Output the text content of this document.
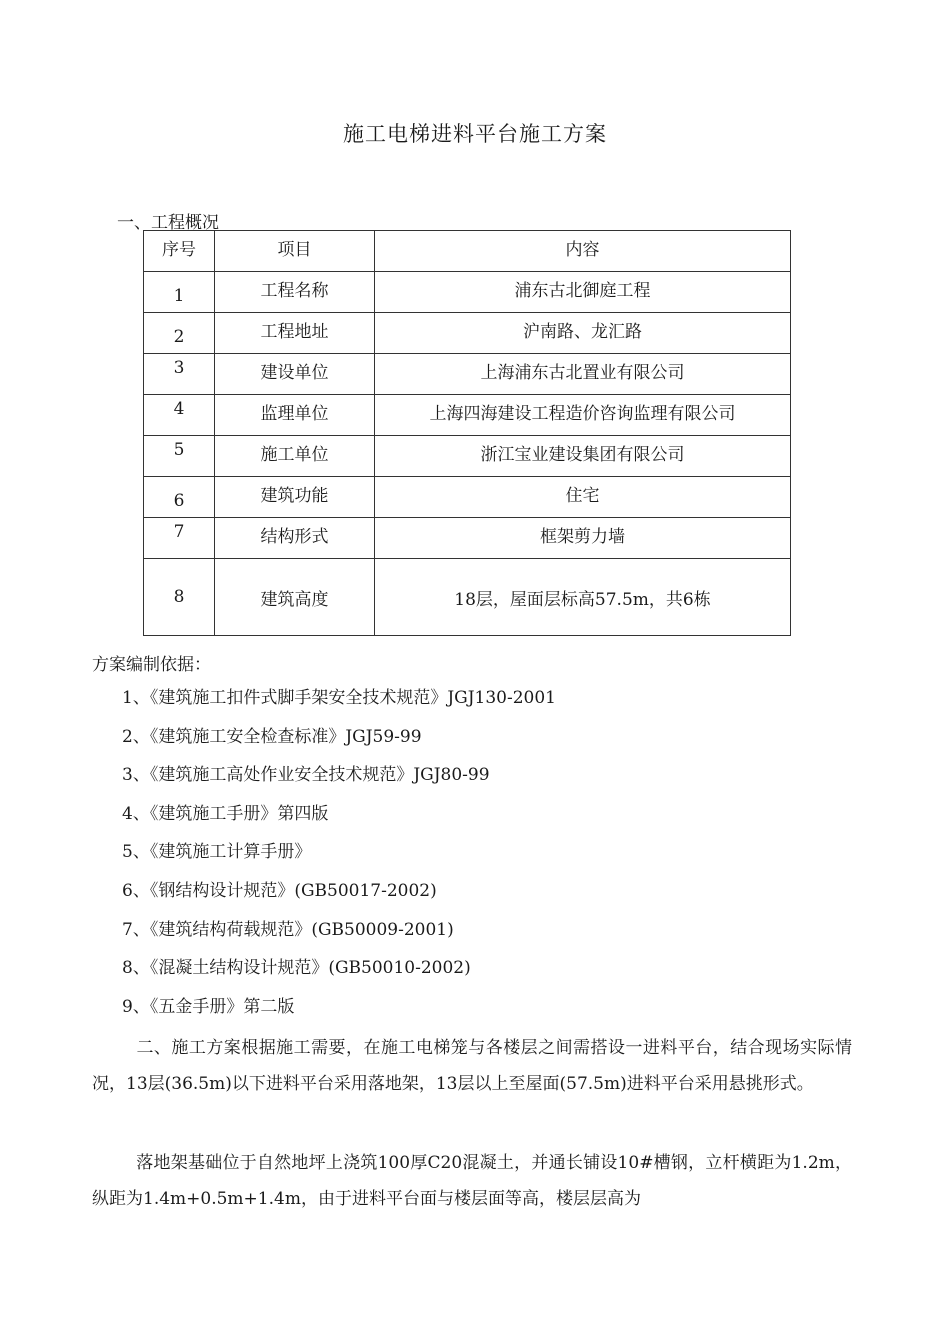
施工电梯进料平台施工方案
一、工程概况
序号	项目	内容
1	工程名称	浦东古北御庭工程
2	工程地址	沪南路、龙汇路
3	建设单位	上海浦东古北置业有限公司
4	监理单位	上海四海建设工程造价咨询监理有限公司
5	施工单位	浙江宝业建设集团有限公司
6	建筑功能	住宅
7	结构形式	框架剪力墙
8	建筑高度	18层，屋面层标高57.5m，共6栋
方案编制依据：
1、《建筑施工扣件式脚手架安全技术规范》JGJ130-2001
2、《建筑施工安全检查标准》JGJ59-99
3、《建筑施工高处作业安全技术规范》JGJ80-99
4、《建筑施工手册》第四版
5、《建筑施工计算手册》
6、《钢结构设计规范》(GB50017-2002)
7、《建筑结构荷载规范》(GB50009-2001)
8、《混凝土结构设计规范》(GB50010-2002)
9、《五金手册》第二版
二、施工方案根据施工需要，在施工电梯笼与各楼层之间需搭设一进料平台，结合现场实际情况，13层(36.5m)以下进料平台采用落地架，13层以上至屋面(57.5m)进料平台采用悬挑形式。
落地架基础位于自然地坪上浇筑100厚C20混凝土，并通长铺设10#槽钢，立杆横距为1.2m，纵距为1.4m+0.5m+1.4m，由于进料平台面与楼层面等高，楼层层高为
